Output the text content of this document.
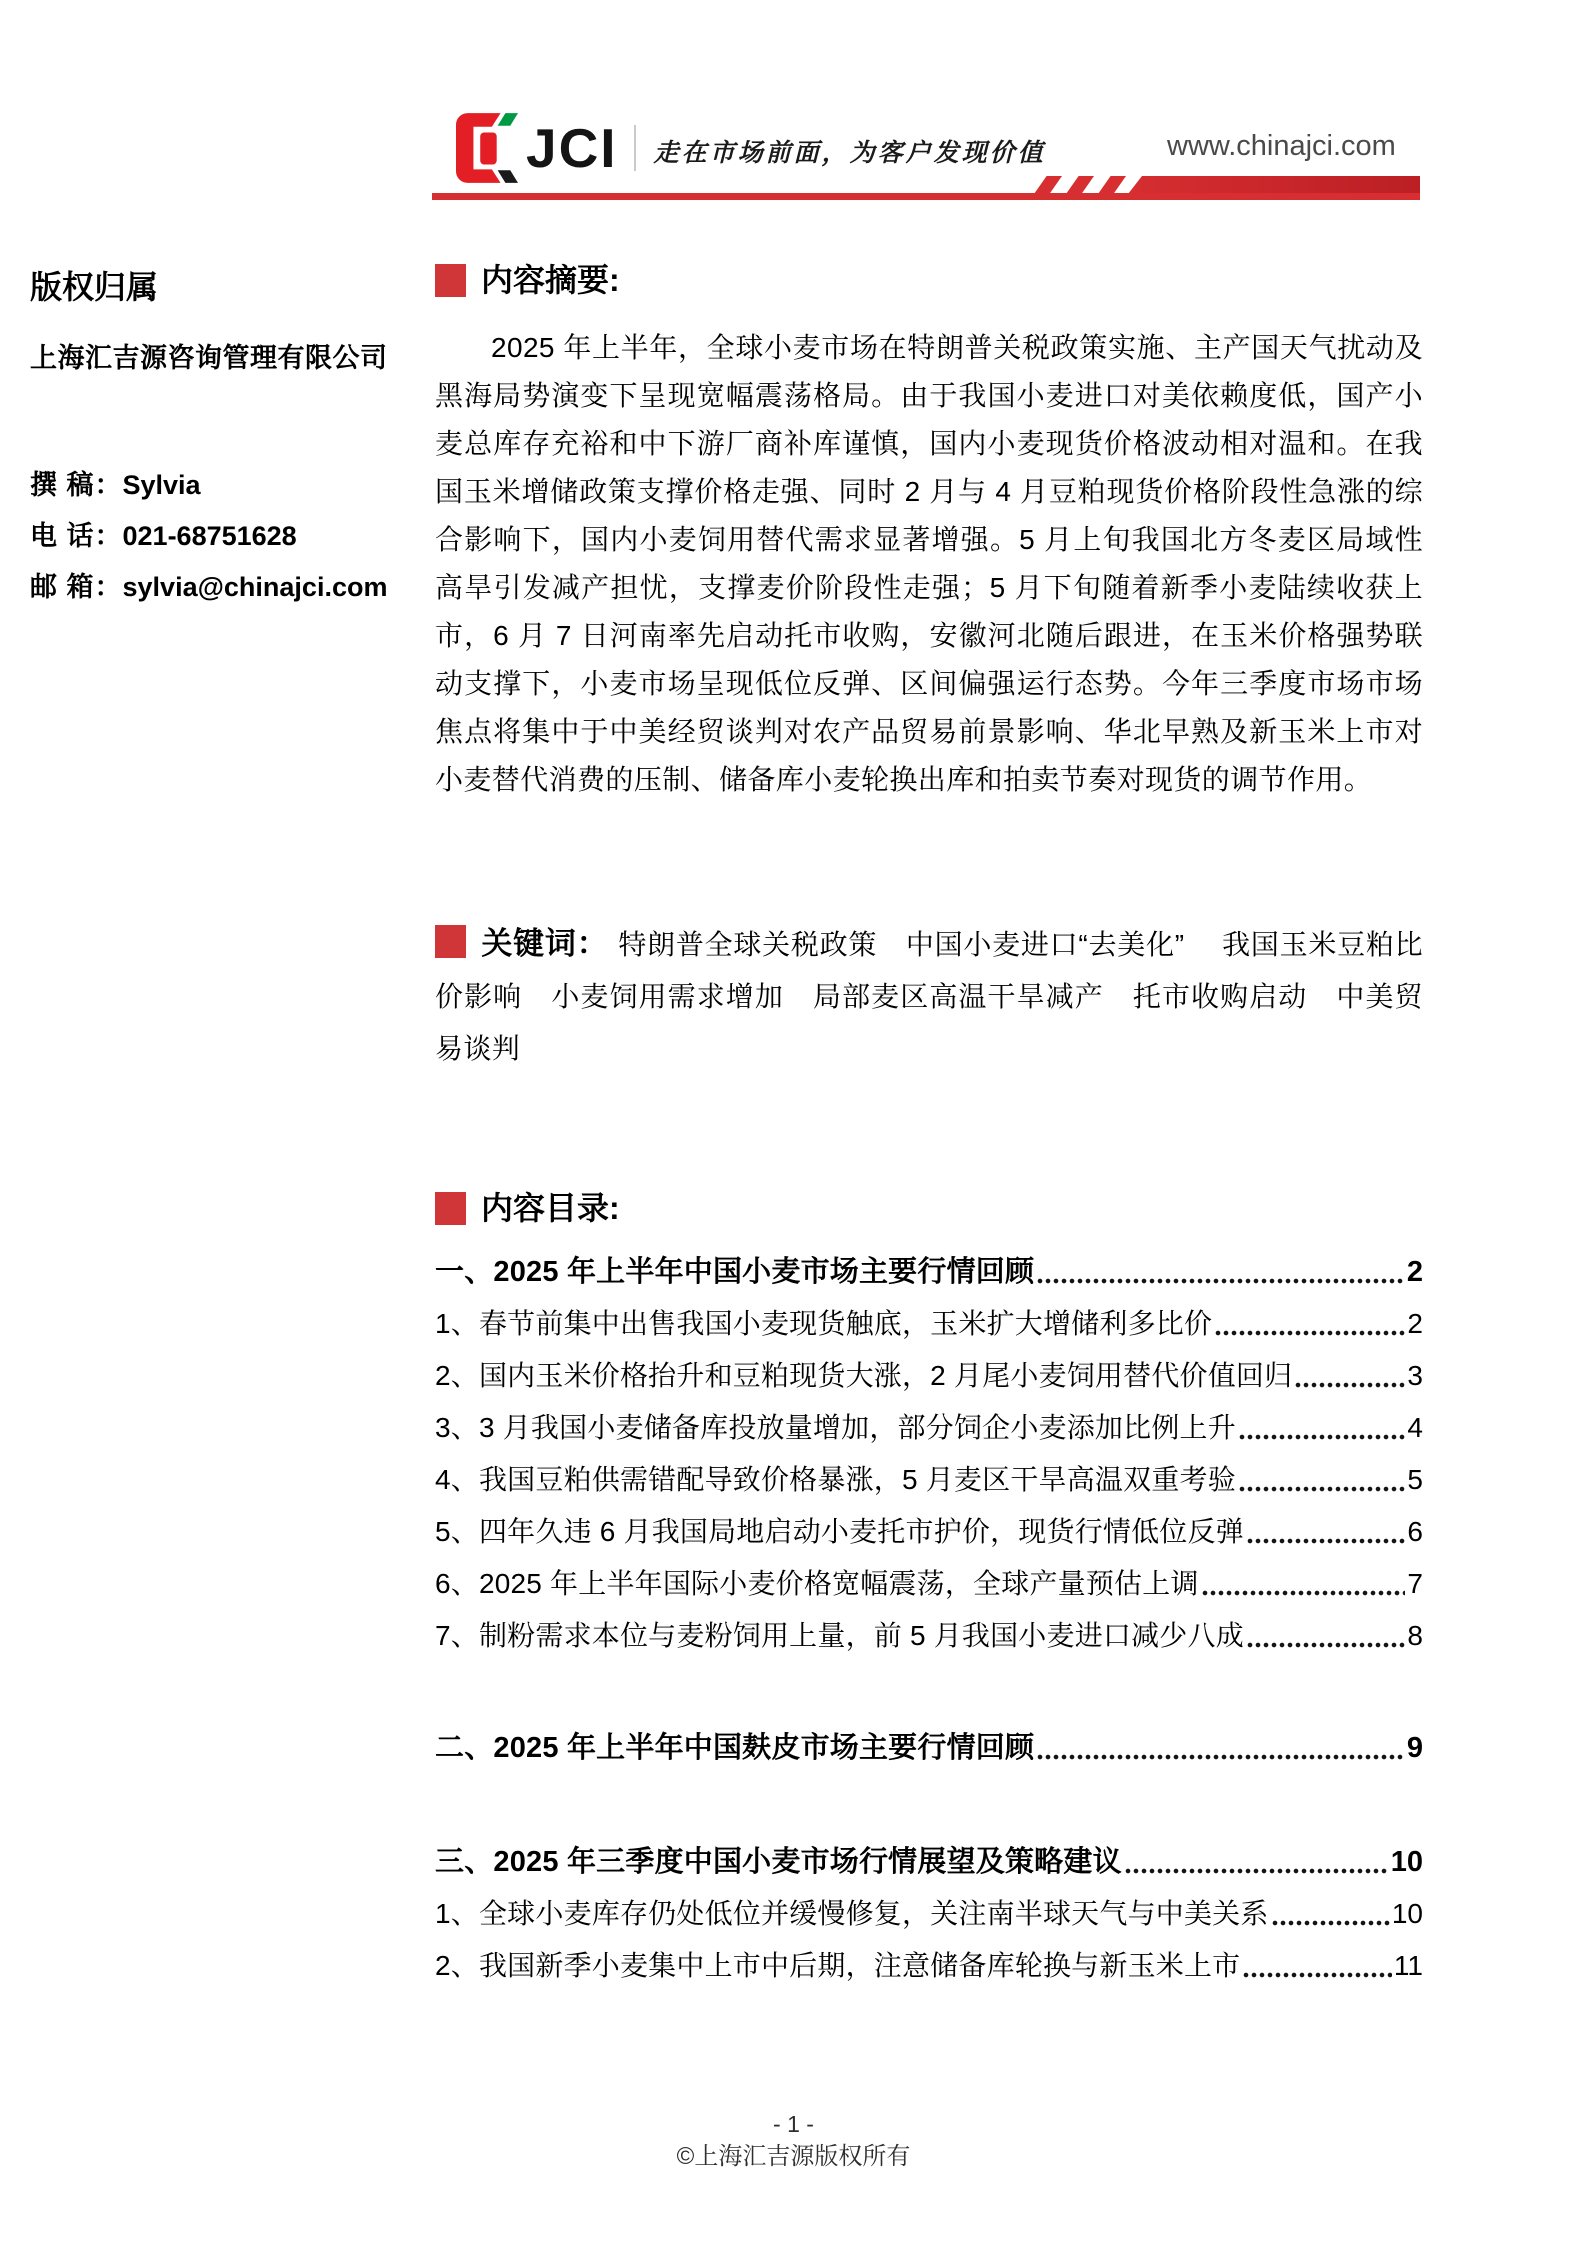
JCI 走在市场前面，为客户发现价值	www.chinajci.com

版权归属

上海汇吉源咨询管理有限公司

撰 稿：Sylvia
电 话：021-68751628
邮 箱：sylvia@chinajci.com
内容摘要:

2025 年上半年，全球小麦市场在特朗普关税政策实施、主产国天气扰动及黑海局势演变下呈现宽幅震荡格局。由于我国小麦进口对美依赖度低，国产小麦总库存充裕和中下游厂商补库谨慎，国内小麦现货价格波动相对温和。在我国玉米增储政策支撑价格走强、同时 2 月与 4 月豆粕现货价格阶段性急涨的综合影响下，国内小麦饲用替代需求显著增强。5 月上旬我国北方冬麦区局域性高旱引发减产担忧，支撑麦价阶段性走强；5 月下旬随着新季小麦陆续收获上市，6 月 7 日河南率先启动托市收购，安徽河北随后跟进，在玉米价格强势联动支撑下，小麦市场呈现低位反弹、区间偏强运行态势。今年三季度市场市场焦点将集中于中美经贸谈判对农产品贸易前景影响、华北早熟及新玉米上市对小麦替代消费的压制、储备库小麦轮换出库和拍卖节奏对现货的调节作用。

关键词： 特朗普全球关税政策　中国小麦进口“去美化”　 我国玉米豆粕比价影响　小麦饲用需求增加　局部麦区高温干旱减产　托市收购启动　中美贸易谈判

内容目录:
一、2025 年上半年中国小麦市场主要行情回顾	2
1、春节前集中出售我国小麦现货触底，玉米扩大增储利多比价	2
2、国内玉米价格抬升和豆粕现货大涨，2 月尾小麦饲用替代价值回归	3
3、3 月我国小麦储备库投放量增加，部分饲企小麦添加比例上升	4
4、我国豆粕供需错配导致价格暴涨，5 月麦区干旱高温双重考验	5
5、四年久违 6 月我国局地启动小麦托市护价，现货行情低位反弹	6
6、2025 年上半年国际小麦价格宽幅震荡，全球产量预估上调	7
7、制粉需求本位与麦粉饲用上量，前 5 月我国小麦进口减少八成	8
二、2025 年上半年中国麸皮市场主要行情回顾	9
三、2025 年三季度中国小麦市场行情展望及策略建议	10
1、全球小麦库存仍处低位并缓慢修复，关注南半球天气与中美关系	10
2、我国新季小麦集中上市中后期，注意储备库轮换与新玉米上市	11
- 1 -
©上海汇吉源版权所有
